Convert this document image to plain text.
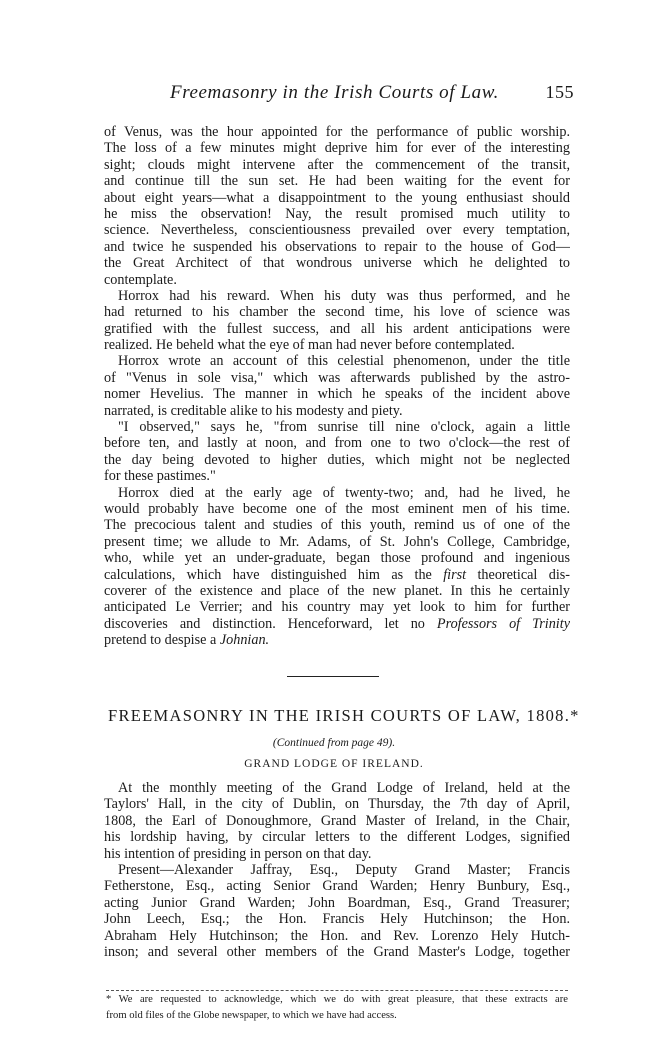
Freemasonry in the Irish Courts of Law.	155
of Venus, was the hour appointed for the performance of public worship.
The loss of a few minutes might deprive him for ever of the interesting
sight; clouds might intervene after the commencement of the transit,
and continue till the sun set. He had been waiting for the event for
about eight years—what a disappointment to the young enthusiast should
he miss the observation! Nay, the result promised much utility to
science. Nevertheless, conscientiousness prevailed over every temptation,
and twice he suspended his observations to repair to the house of God—
the Great Architect of that wondrous universe which he delighted to
contemplate.
Horrox had his reward. When his duty was thus performed, and he
had returned to his chamber the second time, his love of science was
gratified with the fullest success, and all his ardent anticipations were
realized. He beheld what the eye of man had never before contemplated.
Horrox wrote an account of this celestial phenomenon, under the title
of "Venus in sole visa," which was afterwards published by the astro-
nomer Hevelius. The manner in which he speaks of the incident above
narrated, is creditable alike to his modesty and piety.
"I observed," says he, "from sunrise till nine o'clock, again a little
before ten, and lastly at noon, and from one to two o'clock—the rest of
the day being devoted to higher duties, which might not be neglected
for these pastimes."
Horrox died at the early age of twenty-two; and, had he lived, he
would probably have become one of the most eminent men of his time.
The precocious talent and studies of this youth, remind us of one of the
present time; we allude to Mr. Adams, of St. John's College, Cambridge,
who, while yet an under-graduate, began those profound and ingenious
calculations, which have distinguished him as the first theoretical dis-
coverer of the existence and place of the new planet. In this he certainly
anticipated Le Verrier; and his country may yet look to him for further
discoveries and distinction. Henceforward, let no Professors of Trinity
pretend to despise a Johnian.
FREEMASONRY IN THE IRISH COURTS OF LAW, 1808.*
(Continued from page 49).
GRAND LODGE OF IRELAND.
At the monthly meeting of the Grand Lodge of Ireland, held at the
Taylors' Hall, in the city of Dublin, on Thursday, the 7th day of April,
1808, the Earl of Donoughmore, Grand Master of Ireland, in the Chair,
his lordship having, by circular letters to the different Lodges, signified
his intention of presiding in person on that day.
Present—Alexander Jaffray, Esq., Deputy Grand Master; Francis
Fetherstone, Esq., acting Senior Grand Warden; Henry Bunbury, Esq.,
acting Junior Grand Warden; John Boardman, Esq., Grand Treasurer;
John Leech, Esq.; the Hon. Francis Hely Hutchinson; the Hon.
Abraham Hely Hutchinson; the Hon. and Rev. Lorenzo Hely Hutch-
inson; and several other members of the Grand Master's Lodge, together
* We are requested to acknowledge, which we do with great pleasure, that these extracts are
from old files of the Globe newspaper, to which we have had access.
